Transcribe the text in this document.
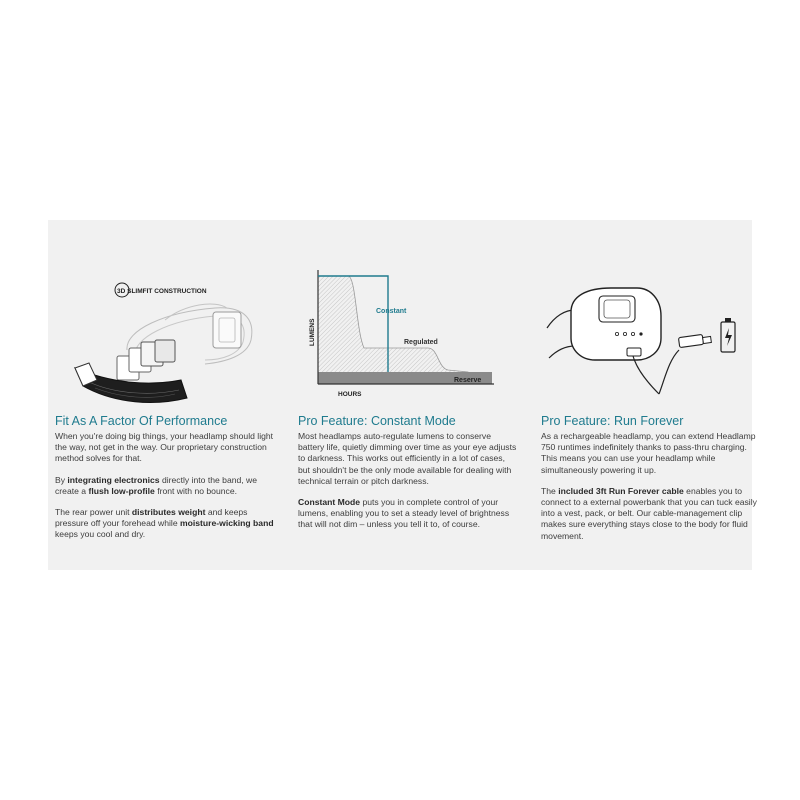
3D SLIMFIT CONSTRUCTION
Fit As A Factor Of Performance

When you're doing big things, your headlamp should light the way, not get in the way. Our proprietary construction method solves for that.

By integrating electronics directly into the band, we create a flush low-profile front with no bounce.

The rear power unit distributes weight and keeps pressure off your forehead while moisture-wicking band keeps you cool and dry.

Constant
Regulated
Reserve
LUMENS
HOURS
Pro Feature: Constant Mode

Most headlamps auto-regulate lumens to conserve battery life, quietly dimming over time as your eye adjusts to darkness. This works out efficiently in a lot of cases, but shouldn't be the only mode available for dealing with technical terrain or pitch darkness.

Constant Mode puts you in complete control of your lumens, enabling you to set a steady level of brightness that will not dim – unless you tell it to, of course.

Pro Feature: Run Forever

As a rechargeable headlamp, you can extend Headlamp 750 runtimes indefinitely thanks to pass-thru charging. This means you can use your headlamp while simultaneously powering it up.

The included 3ft Run Forever cable enables you to connect to a external powerbank that you can tuck easily into a vest, pack, or belt. Our cable-management clip makes sure everything stays close to the body for fluid movement.
